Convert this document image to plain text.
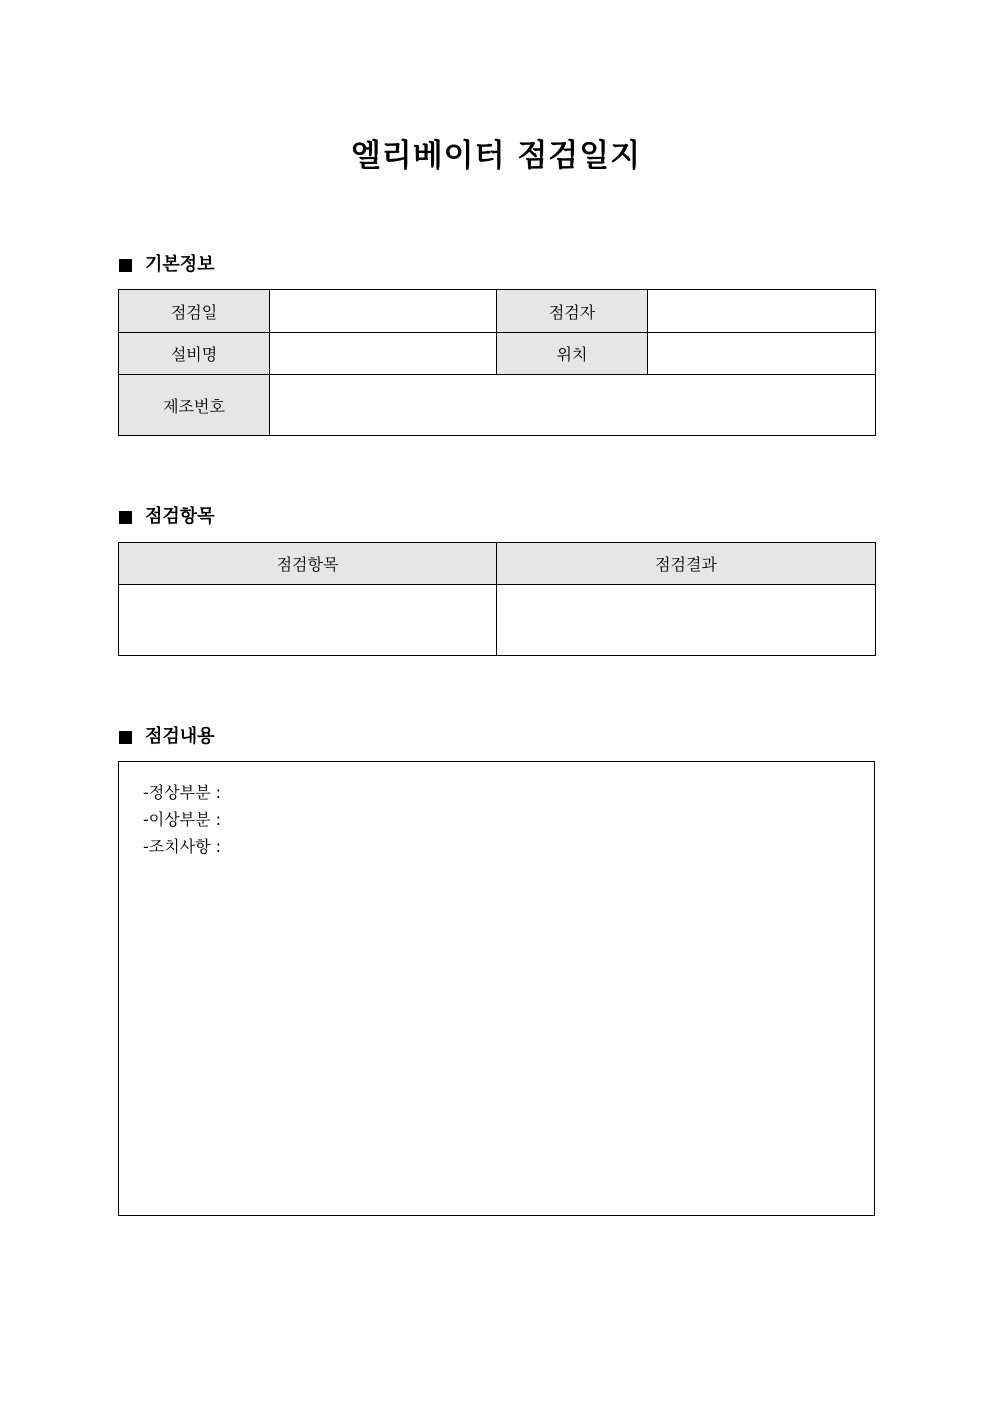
엘리베이터 점검일지
기본정보
점검일		점검자	
설비명		위치	
제조번호			
점검항목
점검항목	점검결과

점검내용
-정상부분 :
-이상부분 :
-조치사항 :
